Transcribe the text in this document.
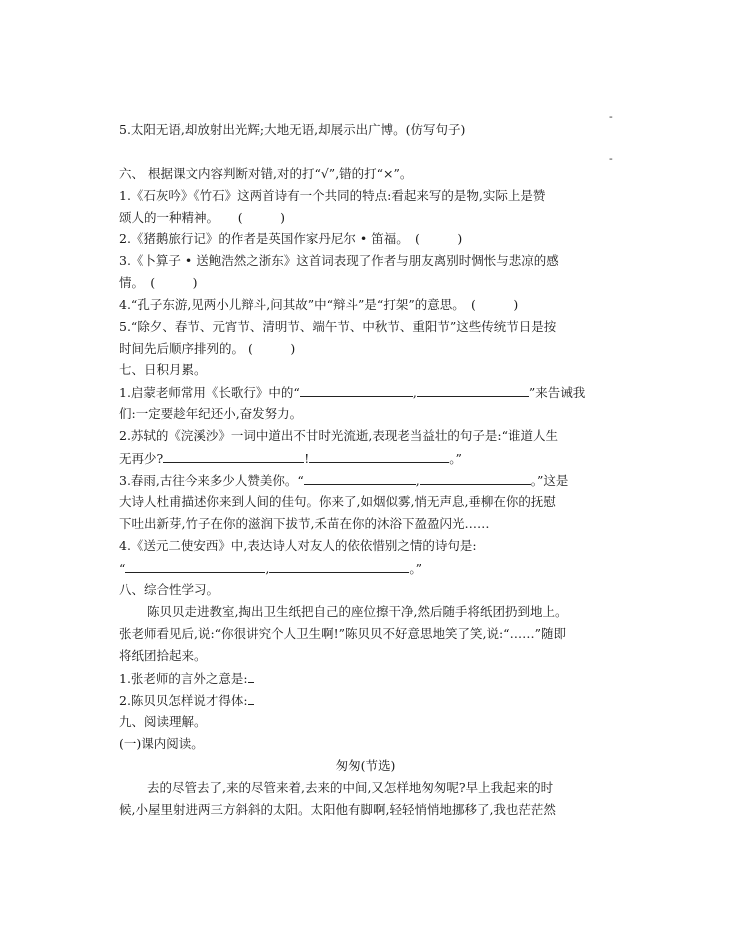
-
5.太阳无语,却放射出光辉;大地无语,却展示出广博。(仿写句子)
-
六、 根据课文内容判断对错,对的打“√”,错的打“×”。
1.《石灰吟》《竹石》这两首诗有一个共同的特点:看起来写的是物,实际上是赞
颂人的一种精神。　　(　　　)
2.《猪鹅旅行记》的作者是英国作家丹尼尔 • 笛福。　(　　　)
3.《卜算子 • 送鲍浩然之浙东》这首词表现了作者与朋友离别时惆怅与悲凉的感
情。　(　　　)
4.“孔子东游,见两小儿辩斗,问其故”中“辩斗”是“打架”的意思。　(　　　)
5.“除夕、春节、元宵节、清明节、端午节、中秋节、重阳节”这些传统节日是按
时间先后顺序排列的。 (　　　)
七、日积月累。
1.启蒙老师常用《长歌行》中的“	,	”来告诫我
们:一定要趁年纪还小,奋发努力。
2.苏轼的《浣溪沙》一词中道出不甘时光流逝,表现老当益壮的句子是:“谁道人生
无再少?	!	。”
3.春雨,古往今来多少人赞美你。“	,	。”这是
大诗人杜甫描述你来到人间的佳句。你来了,如烟似雾,悄无声息,垂柳在你的抚慰
下吐出新芽,竹子在你的滋润下拔节,禾苗在你的沐浴下盈盈闪光……
4.《送元二使安西》中,表达诗人对友人的依依惜别之情的诗句是:
“	,	。”
八、综合性学习。
陈贝贝走进教室,掏出卫生纸把自己的座位擦干净,然后随手将纸团扔到地上。
张老师看见后,说:“你很讲究个人卫生啊!”陈贝贝不好意思地笑了笑,说:“……”随即
将纸团拾起来。
1.张老师的言外之意是:
2.陈贝贝怎样说才得体:
九、阅读理解。
(一)课内阅读。
匆匆(节选)
去的尽管去了,来的尽管来着,去来的中间,又怎样地匆匆呢?早上我起来的时
候,小屋里射进两三方斜斜的太阳。太阳他有脚啊,轻轻悄悄地挪移了,我也茫茫然
